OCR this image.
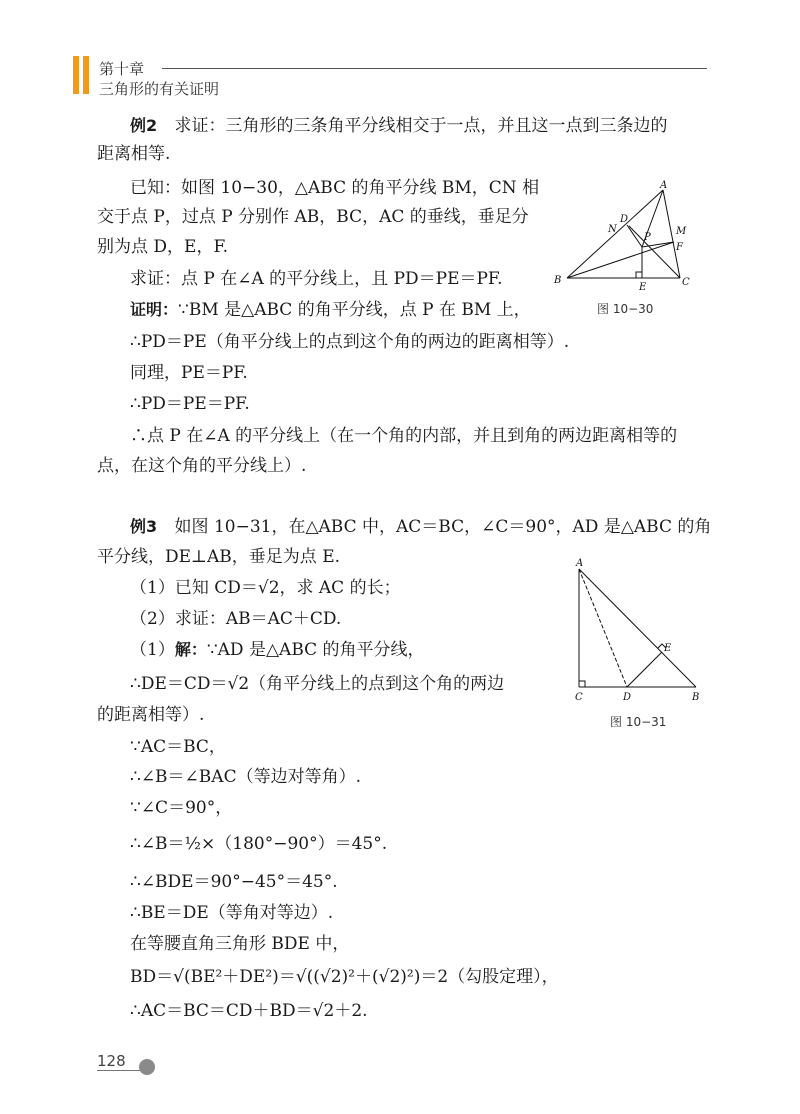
第十章
三角形的有关证明
例2 求证：三角形的三条角平分线相交于一点，并且这一点到三条边的
距离相等.
已知：如图 10−30，△ABC 的角平分线 BM，CN 相
交于点 P，过点 P 分别作 AB，BC，AC 的垂线，垂足分
别为点 D，E，F.
求证：点 P 在∠A 的平分线上，且 PD＝PE＝PF.
证明：∵BM 是△ABC 的角平分线，点 P 在 BM 上，
∴PD＝PE（角平分线上的点到这个角的两边的距离相等）.
同理，PE＝PF.
∴PD＝PE＝PF.
∴点 P 在∠A 的平分线上（在一个角的内部，并且到角的两边距离相等的
点，在这个角的平分线上）.
A
B	C
D
E
F
M
N
P
图 10−30
例3 如图 10−31，在△ABC 中，AC＝BC，∠C＝90°，AD 是△ABC 的角
平分线，DE⊥AB，垂足为点 E.
（1）已知 CD＝√2，求 AC 的长；
（2）求证：AB＝AC＋CD.
（1）解：∵AD 是△ABC 的角平分线，
∴DE＝CD＝√2（角平分线上的点到这个角的两边
的距离相等）.
∵AC＝BC，
∴∠B＝∠BAC（等边对等角）.
∵∠C＝90°，
∴∠B＝½×（180°−90°）＝45°.
∴∠BDE＝90°−45°＝45°.
∴BE＝DE（等角对等边）.
在等腰直角三角形 BDE 中，
BD＝√(BE²＋DE²)＝√((√2)²＋(√2)²)＝2（勾股定理），
∴AC＝BC＝CD＋BD＝√2＋2.
A
C	D	B
E
图 10−31
128
